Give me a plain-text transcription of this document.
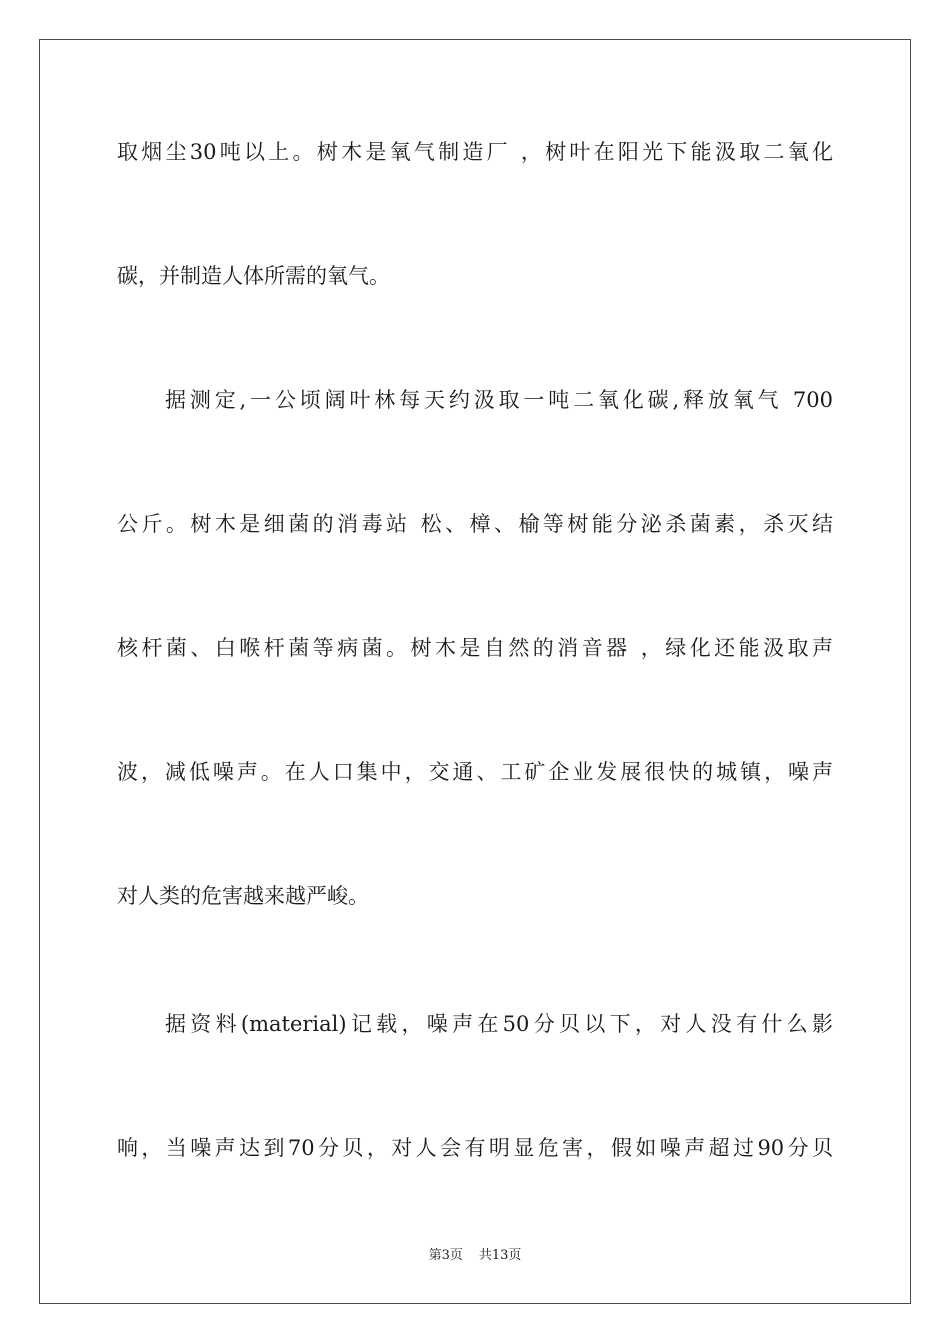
取烟尘30吨以上。树木是氧气制造厂 ，树叶在阳光下能汲取二氧化
碳，并制造人体所需的氧气。
据测定,一公顷阔叶林每天约汲取一吨二氧化碳,释放氧气 700
公斤。树木是细菌的消毒站 松、樟、榆等树能分泌杀菌素，杀灭结
核杆菌、白喉杆菌等病菌。树木是自然的消音器 ，绿化还能汲取声
波，减低噪声。在人口集中，交通、工矿企业发展很快的城镇，噪声
对人类的危害越来越严峻。
据资料(material)记载，噪声在50分贝以下，对人没有什么影
响，当噪声达到70分贝，对人会有明显危害，假如噪声超过90分贝
第3页 共13页
